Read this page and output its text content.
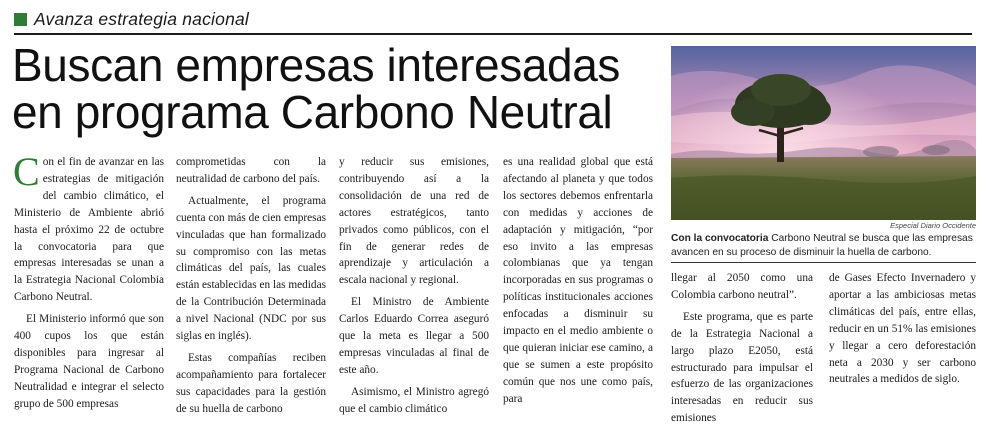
Avanza estrategia nacional
Buscan empresas interesadas
en programa Carbono Neutral

Con el fin de avanzar en las estrategias de mitigación del cambio climático, el Ministerio de Ambiente abrió hasta el próximo 22 de octubre la convocatoria para que empresas interesadas se unan a la Estrategia Nacional Colombia Carbono Neutral.

El Ministerio informó que son 400 cupos los que están disponibles para ingresar al Programa Nacional de Carbono Neutralidad e integrar el selecto grupo de 500 empresas

comprometidas con la neutralidad de carbono del país.

Actualmente, el programa cuenta con más de cien empresas vinculadas que han formalizado su compromiso con las metas climáticas del país, las cuales están establecidas en las medidas de la Contribución Determinada a nivel Nacional (NDC por sus siglas en inglés).

Estas compañías reciben acompañamiento para fortalecer sus capacidades para la gestión de su huella de carbono

y reducir sus emisiones, contribuyendo así a la consolidación de una red de actores estratégicos, tanto privados como públicos, con el fin de generar redes de aprendizaje y articulación a escala nacional y regional.

El Ministro de Ambiente Carlos Eduardo Correa aseguró que la meta es llegar a 500 empresas vinculadas al final de este año.

Asimismo, el Ministro agregó que el cambio climático

es una realidad global que está afectando al planeta y que todos los sectores debemos enfrentarla con medidas y acciones de adaptación y mitigación, “por eso invito a las empresas colombianas que ya tengan incorporadas en sus programas o políticas institucionales acciones enfocadas a disminuir su impacto en el medio ambiente o que quieran iniciar ese camino, a que se sumen a este propósito común que nos une como país, para

Especial Diario Occidente
Con la convocatoria Carbono Neutral se busca que las empresas avancen en su proceso de disminuir la huella de carbono.

llegar al 2050 como una Colombia carbono neutral”.

Este programa, que es parte de la Estrategia Nacional a largo plazo E2050, está estructurado para impulsar el esfuerzo de las organizaciones interesadas en reducir sus emisiones

de Gases Efecto Invernadero y aportar a las ambiciosas metas climáticas del país, entre ellas, reducir en un 51% las emisiones y llegar a cero deforestación neta a 2030 y ser carbono neutrales a medidos de siglo.
